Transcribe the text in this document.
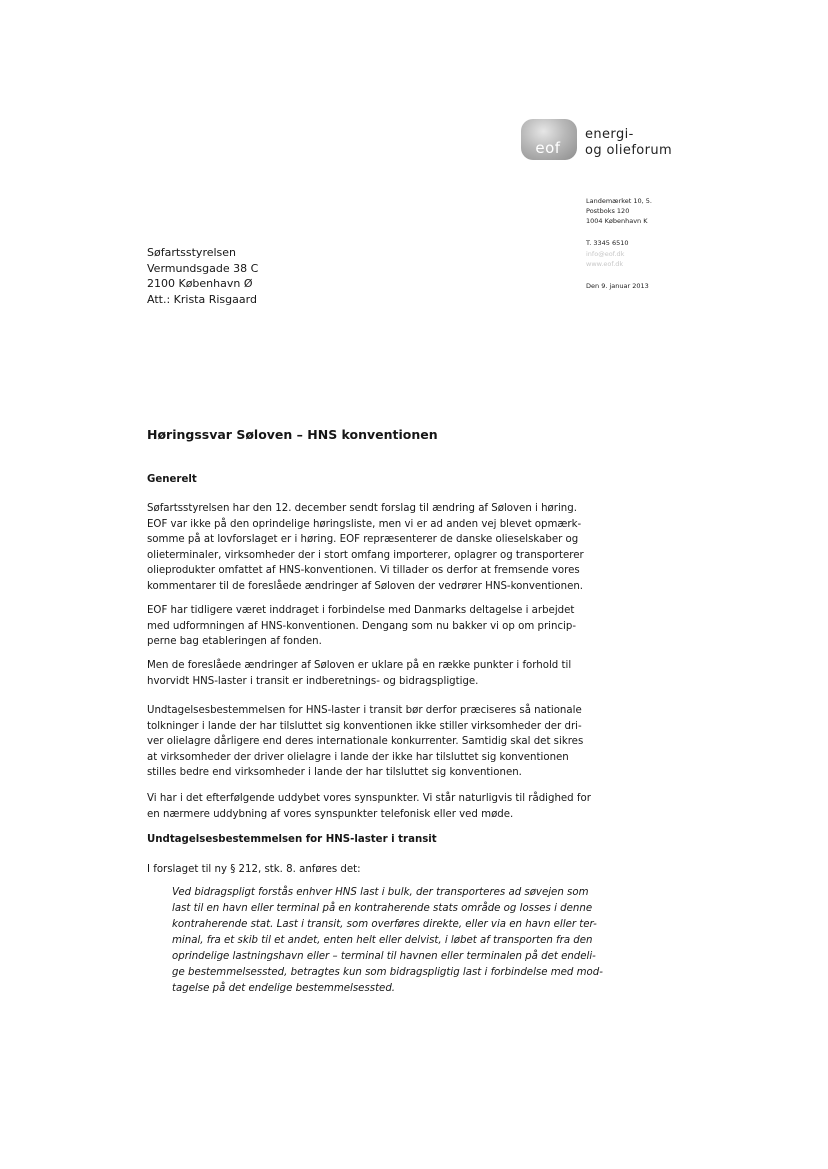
eof
energi-
og olieforum
Landemærket 10, 5.
Postboks 120
1004 København K
T. 3345 6510
info@eof.dk
www.eof.dk
Den 9. januar 2013
Søfartsstyrelsen
Vermundsgade 38 C
2100 København Ø
Att.: Krista Risgaard
Høringssvar Søloven – HNS konventionen
Generelt
Søfartsstyrelsen har den 12. december sendt forslag til ændring af Søloven i høring.
EOF var ikke på den oprindelige høringsliste, men vi er ad anden vej blevet opmærk-
somme på at lovforslaget er i høring. EOF repræsenterer de danske olieselskaber og
olieterminaler, virksomheder der i stort omfang importerer, oplagrer og transporterer
olieprodukter omfattet af HNS-konventionen. Vi tillader os derfor at fremsende vores
kommentarer til de foreslåede ændringer af Søloven der vedrører HNS-konventionen.
EOF har tidligere været inddraget i forbindelse med Danmarks deltagelse i arbejdet
med udformningen af HNS-konventionen. Dengang som nu bakker vi op om princip-
perne bag etableringen af fonden.
Men de foreslåede ændringer af Søloven er uklare på en række punkter i forhold til
hvorvidt HNS-laster i transit er indberetnings- og bidragspligtige.
Undtagelsesbestemmelsen for HNS-laster i transit bør derfor præciseres så nationale
tolkninger i lande der har tilsluttet sig konventionen ikke stiller virksomheder der dri-
ver olielagre dårligere end deres internationale konkurrenter. Samtidig skal det sikres
at virksomheder der driver olielagre i lande der ikke har tilsluttet sig konventionen
stilles bedre end virksomheder i lande der har tilsluttet sig konventionen.
Vi har i det efterfølgende uddybet vores synspunkter. Vi står naturligvis til rådighed for
en nærmere uddybning af vores synspunkter telefonisk eller ved møde.
Undtagelsesbestemmelsen for HNS-laster i transit
I forslaget til ny § 212, stk. 8. anføres det:
Ved bidragspligt forstås enhver HNS last i bulk, der transporteres ad søvejen som
last til en havn eller terminal på en kontraherende stats område og losses i denne
kontraherende stat. Last i transit, som overføres direkte, eller via en havn eller ter-
minal, fra et skib til et andet, enten helt eller delvist, i løbet af transporten fra den
oprindelige lastningshavn eller – terminal til havnen eller terminalen på det endeli-
ge bestemmelsessted, betragtes kun som bidragspligtig last i forbindelse med mod-
tagelse på det endelige bestemmelsessted.
